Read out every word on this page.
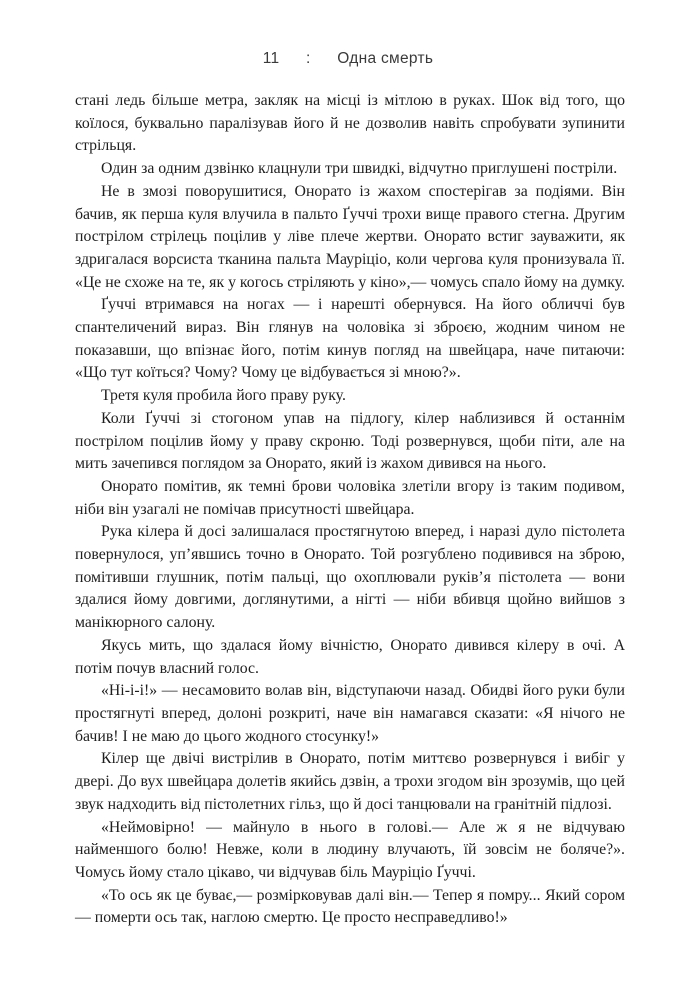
11 : Одна смерть

стані ледь більше метра, закляк на місці із мітлою в руках. Шок від того, що коїлося, буквально паралізував його й не дозволив навіть спробувати зупинити стрільця.

Один за одним дзвінко клацнули три швидкі, відчутно приглушені постріли.

Не в змозі поворушитися, Онорато із жахом спостерігав за подіями. Він бачив, як перша куля влучила в пальто Ґуччі трохи вище правого стегна. Другим пострілом стрілець поцілив у ліве плече жертви. Онорато встиг зауважити, як здригалася ворсиста тканина пальта Мауріціо, коли чергова куля пронизувала її. «Це не схоже на те, як у когось стріляють у кіно»,— чомусь спало йому на думку.

Ґуччі втримався на ногах — і нарешті обернувся. На його обличчі був спантеличений вираз. Він глянув на чоловіка зі зброєю, жодним чином не показавши, що впізнає його, потім кинув погляд на швейцара, наче питаючи: «Що тут коїться? Чому? Чому це відбувається зі мною?».

Третя куля пробила його праву руку.

Коли Ґуччі зі стогоном упав на підлогу, кілер наблизився й останнім пострілом поцілив йому у праву скроню. Тоді розвернувся, щоби піти, але на мить зачепився поглядом за Онорато, який із жахом дивився на нього.

Онорато помітив, як темні брови чоловіка злетіли вгору із таким подивом, ніби він узагалі не помічав присутності швейцара.

Рука кілера й досі залишалася простягнутою вперед, і наразі дуло пістолета повернулося, уп’явшись точно в Онорато. Той розгублено подивився на зброю, помітивши глушник, потім пальці, що охоплювали руків’я пістолета — вони здалися йому довгими, доглянутими, а нігті — ніби вбивця щойно вийшов з манікюрного салону.

Якусь мить, що здалася йому вічністю, Онорато дивився кілеру в очі. А потім почув власний голос.

«Ні-і-і!» — несамовито волав він, відступаючи назад. Обидві його руки були простягнуті вперед, долоні розкриті, наче він намагався сказати: «Я нічого не бачив! І не маю до цього жодного стосунку!»

Кілер ще двічі вистрілив в Онорато, потім миттєво розвернувся і вибіг у двері. До вух швейцара долетів якийсь дзвін, а трохи згодом він зрозумів, що цей звук надходить від пістолетних гільз, що й досі танцювали на гранітній підлозі.

«Неймовірно! — майнуло в нього в голові.— Але ж я не відчуваю найменшого болю! Невже, коли в людину влучають, їй зовсім не боляче?». Чомусь йому стало цікаво, чи відчував біль Мауріціо Ґуччі.

«То ось як це буває,— розмірковував далі він.— Тепер я помру... Який сором — померти ось так, наглою смертю. Це просто несправедливо!»
